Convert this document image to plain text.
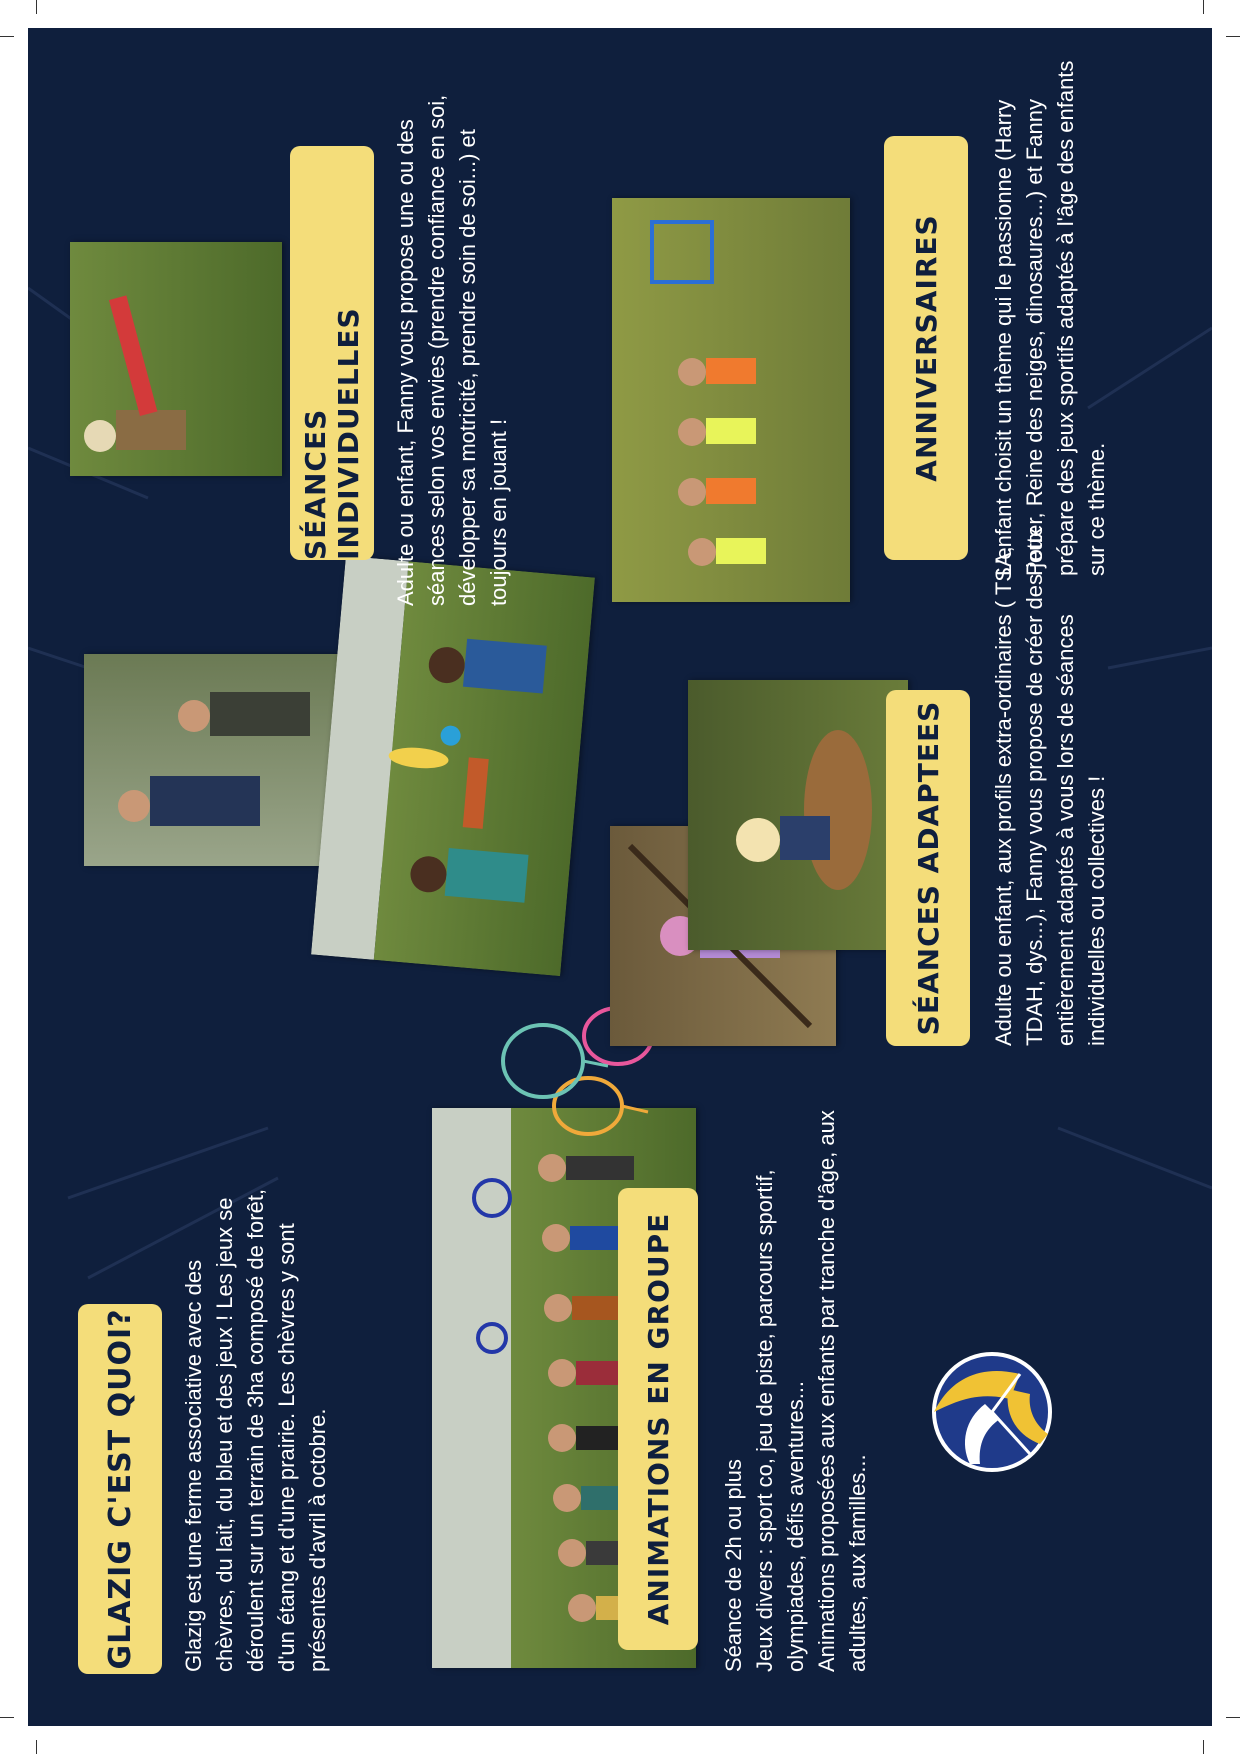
GLAZIG C'EST QUOI? Glazig est une ferme associative avec des chèvres, du lait, du bleu et des jeux ! Les jeux se déroulent sur un terrain de 3ha composé de forêt, d'un étang et d'une prairie. Les chèvres y sont présentes d'avril à octobre.	ANIMATIONS EN GROUPE Séance de 2h ou plus Jeux divers : sport co, jeu de piste, parcours sportif, olympiades, défis aventures... Animations proposées aux enfants par tranche d'âge, aux adultes, aux familles...

SÉANCES ADAPTEES Adulte ou enfant, aux profils extra-ordinaires ( TSA, TDAH, dys...), Fanny vous propose de créer des jeux entièrement adaptés à vous lors de séances individuelles ou collectives !

SÉANCES INDIVIDUELLES Adulte ou enfant, Fanny vous propose une ou des séances selon vos envies (prendre confiance en soi, développer sa motricité, prendre soin de soi...) et toujours en jouant !

ANNIVERSAIRES L'enfant choisit un thème qui le passionne (Harry Potter, Reine des neiges, dinosaures...) et Fanny prépare des jeux sportifs adaptés à l'âge des enfants sur ce thème.
